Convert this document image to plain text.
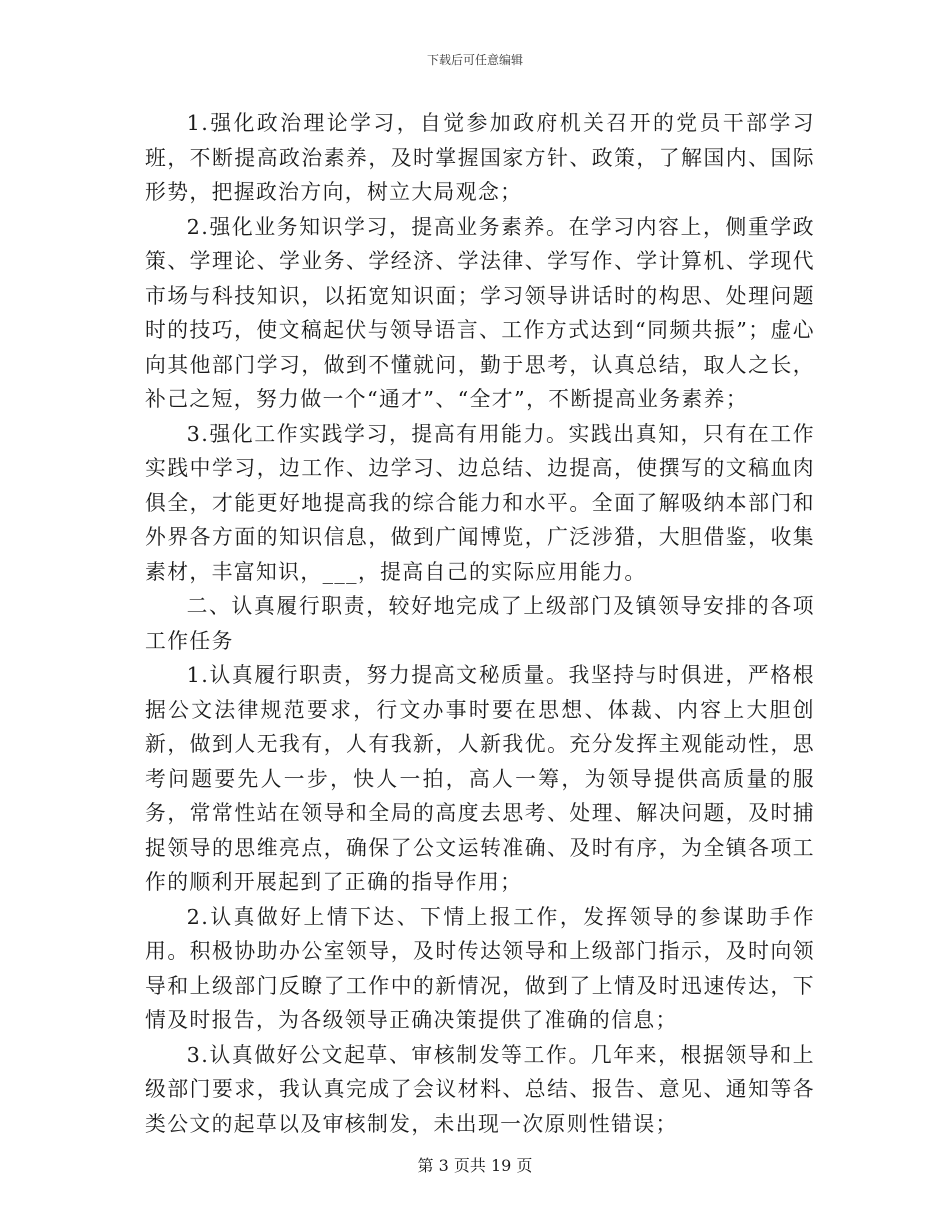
下载后可任意编辑

1.强化政治理论学习，自觉参加政府机关召开的党员干部学习班，不断提高政治素养，及时掌握国家方针、政策，了解国内、国际形势，把握政治方向，树立大局观念；

2.强化业务知识学习，提高业务素养。在学习内容上，侧重学政策、学理论、学业务、学经济、学法律、学写作、学计算机、学现代市场与科技知识，以拓宽知识面；学习领导讲话时的构思、处理问题时的技巧，使文稿起伏与领导语言、工作方式达到“同频共振”；虚心向其他部门学习，做到不懂就问，勤于思考，认真总结，取人之长，补己之短，努力做一个“通才”、“全才”，不断提高业务素养；

3.强化工作实践学习，提高有用能力。实践出真知，只有在工作实践中学习，边工作、边学习、边总结、边提高，使撰写的文稿血肉俱全，才能更好地提高我的综合能力和水平。全面了解吸纳本部门和外界各方面的知识信息，做到广闻博览，广泛涉猎，大胆借鉴，收集素材，丰富知识，___，提高自己的实际应用能力。

二、认真履行职责，较好地完成了上级部门及镇领导安排的各项工作任务

1.认真履行职责，努力提高文秘质量。我坚持与时俱进，严格根据公文法律规范要求，行文办事时要在思想、体裁、内容上大胆创新，做到人无我有，人有我新，人新我优。充分发挥主观能动性，思考问题要先人一步，快人一拍，高人一筹，为领导提供高质量的服务，常常性站在领导和全局的高度去思考、处理、解决问题，及时捕捉领导的思维亮点，确保了公文运转准确、及时有序，为全镇各项工作的顺利开展起到了正确的指导作用；

2.认真做好上情下达、下情上报工作，发挥领导的参谋助手作用。积极协助办公室领导，及时传达领导和上级部门指示，及时向领导和上级部门反瞭了工作中的新情况，做到了上情及时迅速传达，下情及时报告，为各级领导正确决策提供了准确的信息；

3.认真做好公文起草、审核制发等工作。几年来，根据领导和上级部门要求，我认真完成了会议材料、总结、报告、意见、通知等各类公文的起草以及审核制发，未出现一次原则性错误；

第 3 页共 19 页
